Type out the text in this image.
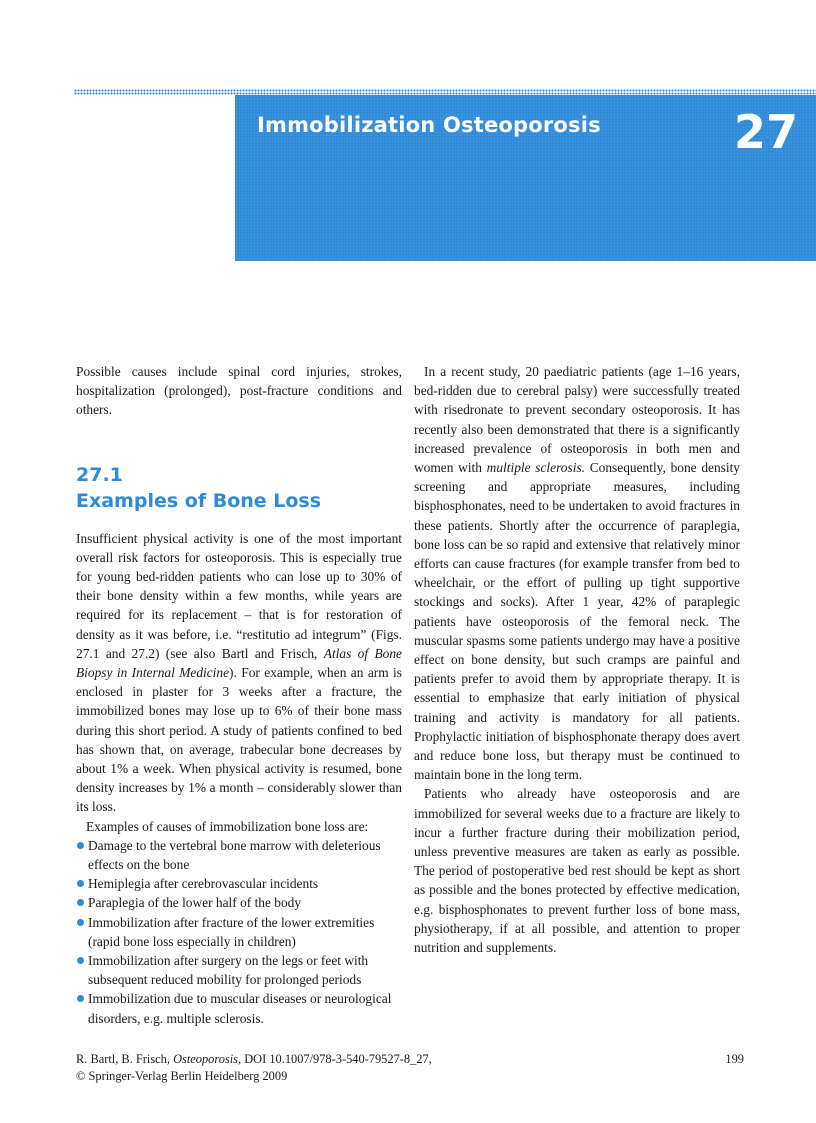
Immobilization Osteoporosis	27

Possible causes include spinal cord injuries, strokes, hospitalization (prolonged), post-fracture conditions and others.

27.1
Examples of Bone Loss

Insufficient physical activity is one of the most important overall risk factors for osteoporosis. This is especially true for young bed-ridden patients who can lose up to 30% of their bone density within a few months, while years are required for its replacement – that is for restoration of density as it was before, i.e. “restitutio ad integrum” (Figs. 27.1 and 27.2) (see also Bartl and Frisch, Atlas of Bone Biopsy in Internal Medicine). For example, when an arm is enclosed in plaster for 3 weeks after a fracture, the immobilized bones may lose up to 6% of their bone mass during this short period. A study of patients confined to bed has shown that, on average, trabecular bone decreases by about 1% a week. When physical activity is resumed, bone density increases by 1% a month – considerably slower than its loss.

Examples of causes of immobilization bone loss are:

Damage to the vertebral bone marrow with deleterious effects on the bone
Hemiplegia after cerebrovascular incidents
Paraplegia of the lower half of the body
Immobilization after fracture of the lower extremities (rapid bone loss especially in children)
Immobilization after surgery on the legs or feet with subsequent reduced mobility for prolonged periods
Immobilization due to muscular diseases or neurological disorders, e.g. multiple sclerosis.

In a recent study, 20 paediatric patients (age 1–16 years, bed-ridden due to cerebral palsy) were successfully treated with risedronate to prevent secondary osteoporosis. It has recently also been demonstrated that there is a significantly increased prevalence of osteoporosis in both men and women with multiple sclerosis. Consequently, bone density screening and appropriate measures, including bisphosphonates, need to be undertaken to avoid fractures in these patients. Shortly after the occurrence of paraplegia, bone loss can be so rapid and extensive that relatively minor efforts can cause fractures (for example transfer from bed to wheelchair, or the effort of pulling up tight supportive stockings and socks). After 1 year, 42% of paraplegic patients have osteoporosis of the femoral neck. The muscular spasms some patients undergo may have a positive effect on bone density, but such cramps are painful and patients prefer to avoid them by appropriate therapy. It is essential to emphasize that early initiation of physical training and activity is mandatory for all patients. Prophylactic initiation of bisphosphonate therapy does avert and reduce bone loss, but therapy must be continued to maintain bone in the long term.

Patients who already have osteoporosis and are immobilized for several weeks due to a fracture are likely to incur a further fracture during their mobilization period, unless preventive measures are taken as early as possible. The period of postoperative bed rest should be kept as short as possible and the bones protected by effective medication, e.g. bisphosphonates to prevent further loss of bone mass, physiotherapy, if at all possible, and attention to proper nutrition and supplements.

R. Bartl, B. Frisch, Osteoporosis, DOI 10.1007/978-3-540-79527-8_27,

© Springer-Verlag Berlin Heidelberg 2009

199
